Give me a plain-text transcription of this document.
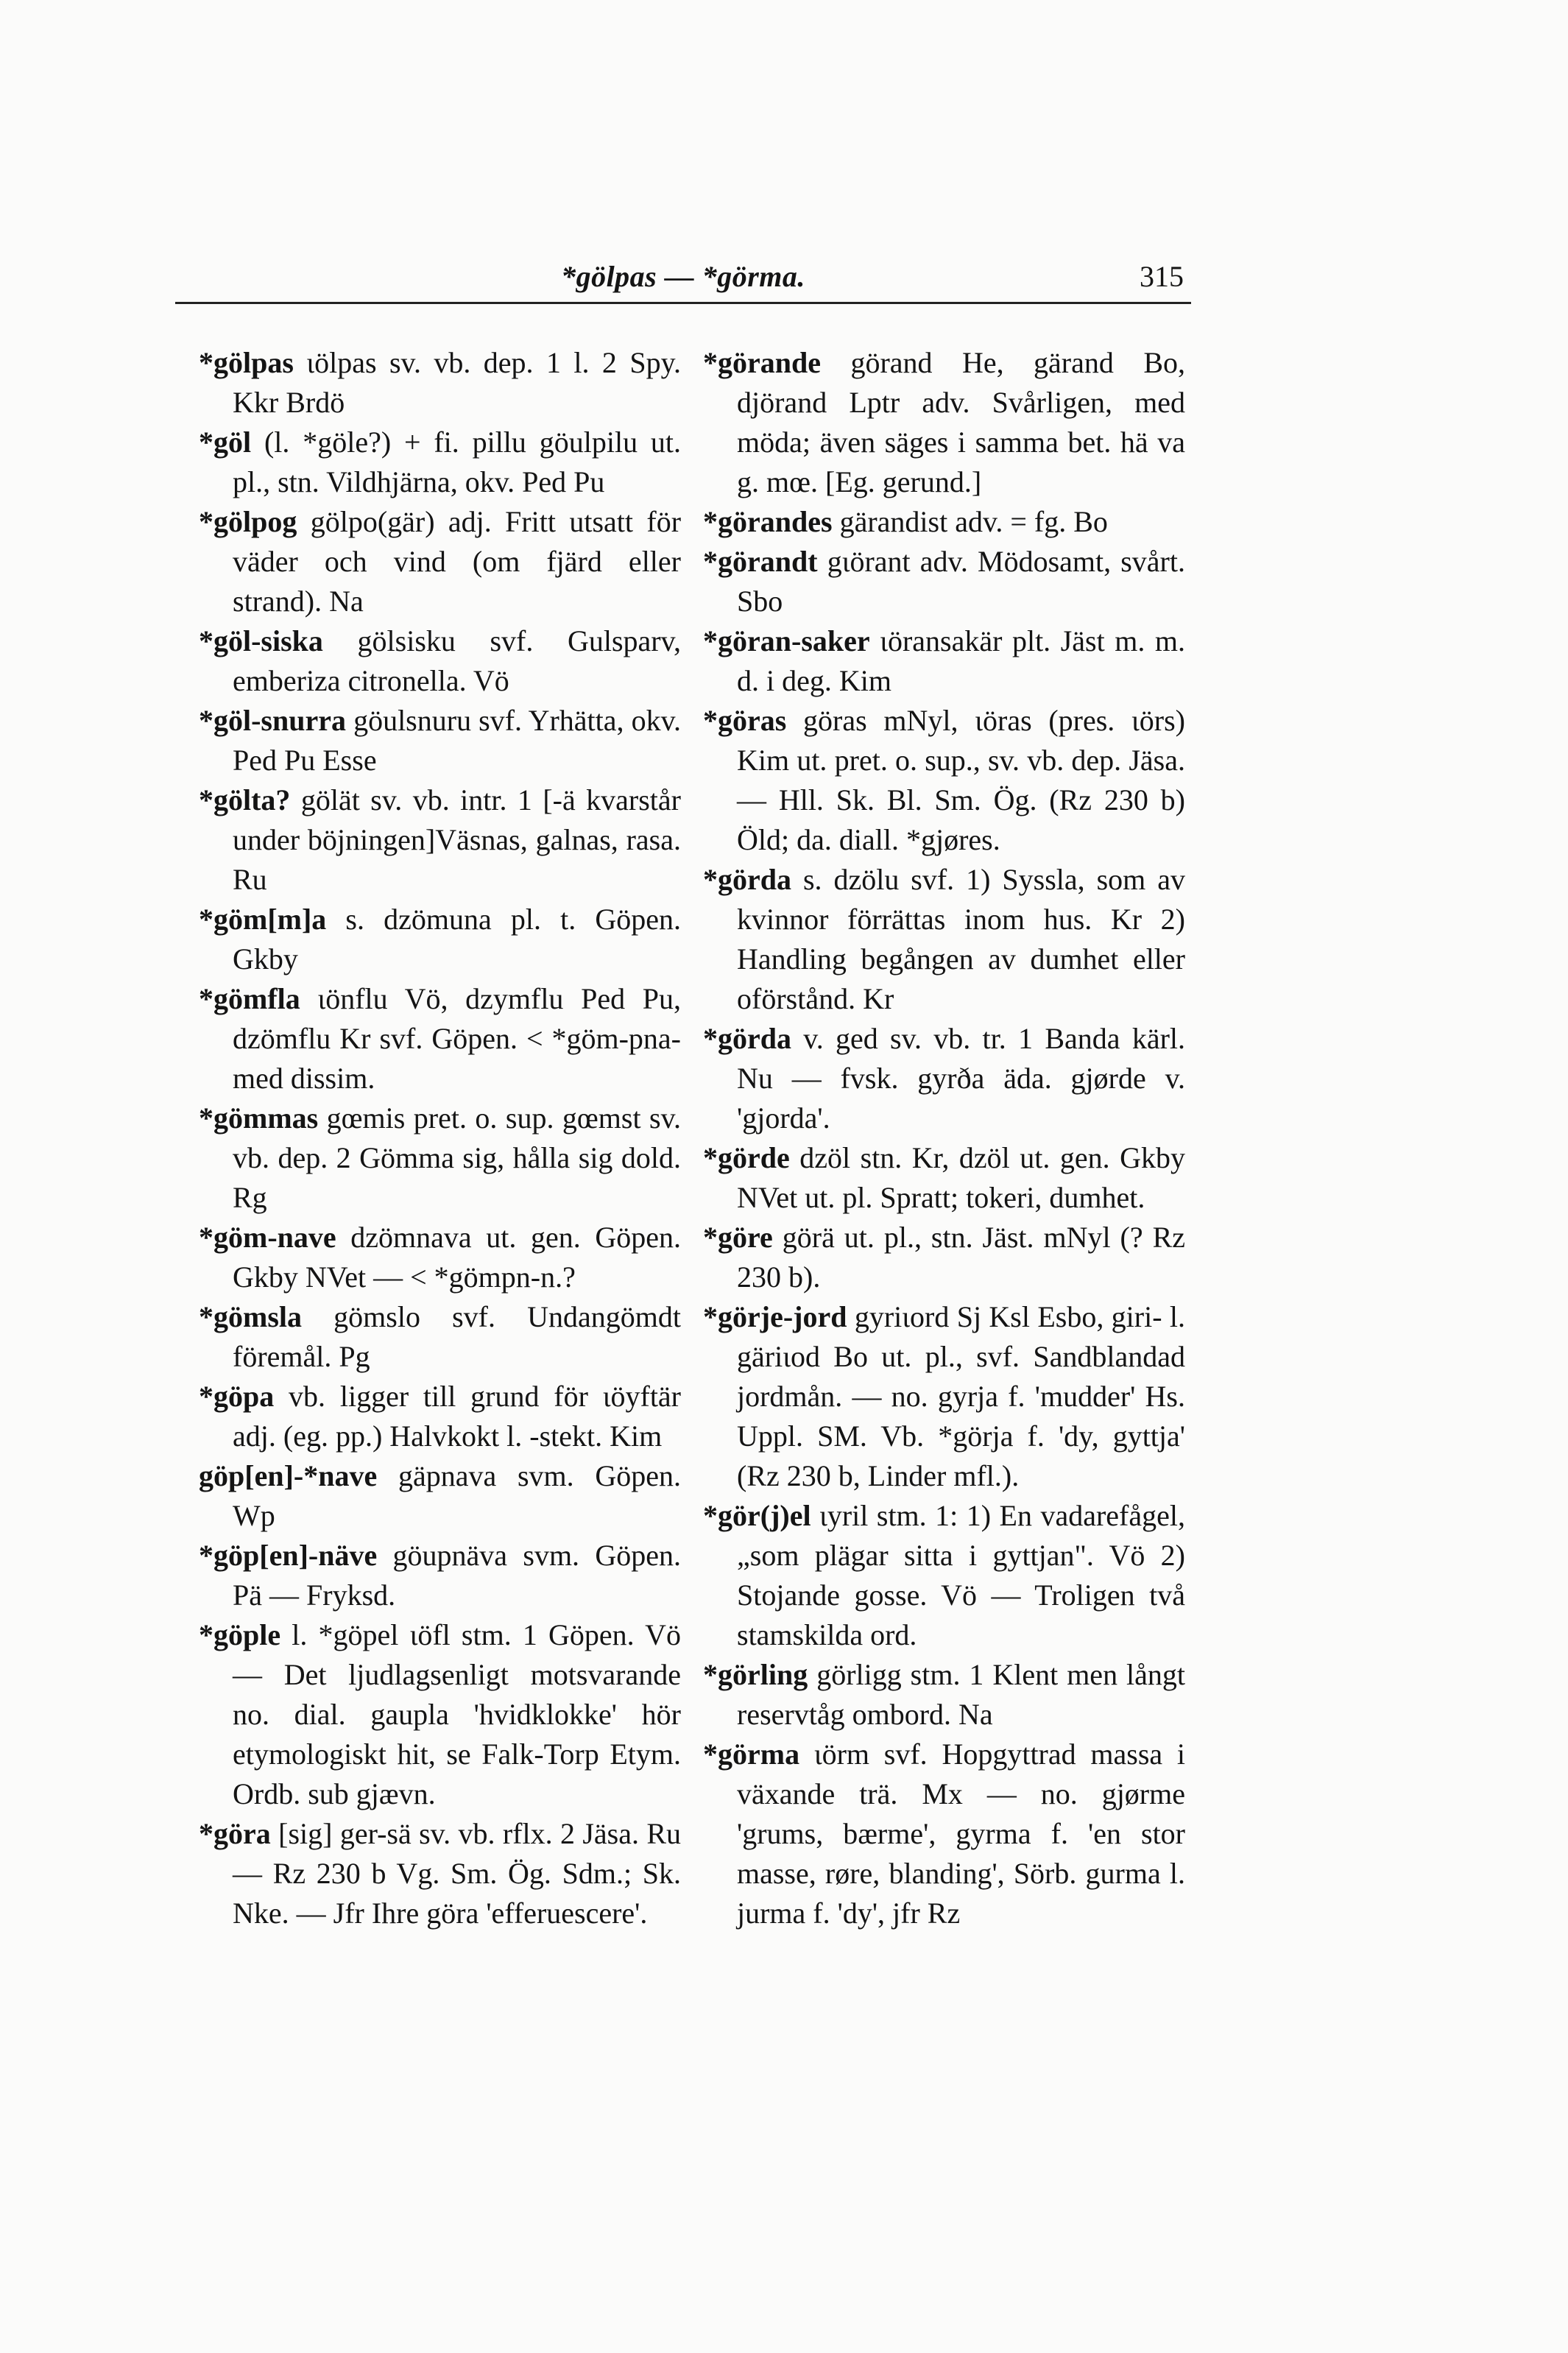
*gölpas — *görma.	315

*gölpas ɩölpas sv. vb. dep. 1 l. 2 Spy. Kkr Brdö

*göl (l. *göle?) + fi. pillu göulpilu ut. pl., stn. Vildhjärna, okv. Ped Pu

*gölpog gölpo(gär) adj. Fritt utsatt för väder och vind (om fjärd eller strand). Na

*göl-siska gölsisku svf. Gulsparv, emberiza citronella. Vö

*göl-snurra göulsnuru svf. Yrhätta, okv. Ped Pu Esse

*gölta? gölät sv. vb. intr. 1 [-ä kvarstår under böjningen]Väsnas, galnas, rasa. Ru

*göm[m]a s. dzömuna pl. t. Göpen. Gkby

*gömfla ɩönflu Vö, dzymflu Ped Pu, dzömflu Kr svf. Göpen. < *göm-pna- med dissim.

*gömmas gœmis pret. o. sup. gœmst sv. vb. dep. 2 Gömma sig, hålla sig dold. Rg

*göm-nave dzömnava ut. gen. Göpen. Gkby NVet — < *gömpn-n.?

*gömsla gömslo svf. Undangömdt föremål. Pg

*göpa vb. ligger till grund för ɩöyftär adj. (eg. pp.) Halvkokt l. -stekt. Kim

göp[en]-*nave gäpnava svm. Göpen. Wp

*göp[en]-näve göupnäva svm. Göpen. Pä — Fryksd.

*göple l. *göpel ɩöfl stm. 1 Göpen. Vö — Det ljudlagsenligt motsvarande no. dial. gaupla 'hvidklokke' hör etymologiskt hit, se Falk-Torp Etym. Ordb. sub gjævn.

*göra [sig] ger-sä sv. vb. rflx. 2 Jäsa. Ru — Rz 230 b Vg. Sm. Ög. Sdm.; Sk. Nke. — Jfr Ihre göra 'efferuescere'.

*görande görand He, gärand Bo, djörand Lptr adv. Svårligen, med möda; även säges i samma bet. hä va g. mœ. [Eg. gerund.]

*görandes gärandist adv. = fg. Bo

*görandt gɩörant adv. Mödosamt, svårt. Sbo

*göran-saker ɩöransakär plt. Jäst m. m. d. i deg. Kim

*göras göras mNyl, ɩöras (pres. ɩörs) Kim ut. pret. o. sup., sv. vb. dep. Jäsa. — Hll. Sk. Bl. Sm. Ög. (Rz 230 b) Öld; da. diall. *gjøres.

*görda s. dzölu svf. 1) Syssla, som av kvinnor förrättas inom hus. Kr 2) Handling begången av dumhet eller oförstånd. Kr

*görda v. ged sv. vb. tr. 1 Banda kärl. Nu — fvsk. gyrða äda. gjørde v. 'gjorda'.

*görde dzöl stn. Kr, dzöl ut. gen. Gkby NVet ut. pl. Spratt; tokeri, dumhet.

*göre görä ut. pl., stn. Jäst. mNyl (? Rz 230 b).

*görje-jord gyriɩord Sj Ksl Esbo, giri- l. gäriɩod Bo ut. pl., svf. Sandblandad jordmån. — no. gyrja f. 'mudder' Hs. Uppl. SM. Vb. *görja f. 'dy, gyttja' (Rz 230 b, Linder mfl.).

*gör(j)el ɩyril stm. 1: 1) En vadarefågel, „som plägar sitta i gyttjan". Vö 2) Stojande gosse. Vö — Troligen två stamskilda ord.

*görling görligg stm. 1 Klent men långt reservtåg ombord. Na

*görma ɩörm svf. Hopgyttrad massa i växande trä. Mx — no. gjørme 'grums, bærme', gyrma f. 'en stor masse, røre, blanding', Sörb. gurma l. jurma f. 'dy', jfr Rz
